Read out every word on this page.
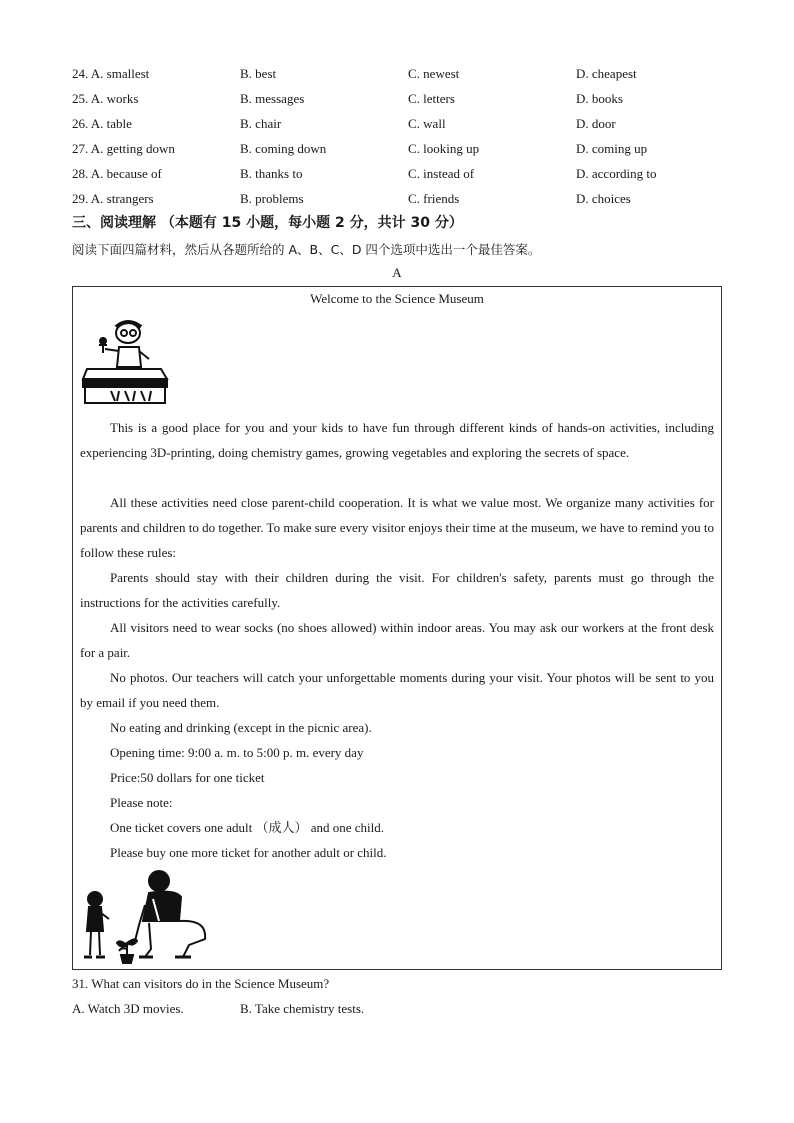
24. A. smallest	B. best	C. newest	D. cheapest
25. A. works	B. messages	C. letters	D. books
26. A. table	B. chair	C. wall	D. door
27. A. getting down	B. coming down	C. looking up	D. coming up
28. A. because of	B. thanks to	C. instead of	D. according to
29. A. strangers	B. problems	C. friends	D. choices
三、阅读理解 （本题有 15 小题，每小题 2 分，共计 30 分）
阅读下面四篇材料，然后从各题所给的 A、B、C、D 四个选项中选出一个最佳答案。
A
Welcome to the Science Museum
This is a good place for you and your kids to have fun through different kinds of hands-on activities, including experiencing 3D-printing, doing chemistry games, growing vegetables and exploring the secrets of space.
All these activities need close parent-child cooperation. It is what we value most. We organize many activities for parents and children to do together. To make sure every visitor enjoys their time at the museum, we have to remind you to follow these rules:
Parents should stay with their children during the visit. For children's safety, parents must go through the instructions for the activities carefully.
All visitors need to wear socks (no shoes allowed) within indoor areas. You may ask our workers at the front desk for a pair.
No photos. Our teachers will catch your unforgettable moments during your visit. Your photos will be sent to you by email if you need them.
No eating and drinking (except in the picnic area).
Opening time: 9:00 a. m. to 5:00 p. m. every day
Price:50 dollars for one ticket
Please note:
One ticket covers one adult （成人） and one child.
Please buy one more ticket for another adult or child.
31. What can visitors do in the Science Museum?
A. Watch 3D movies.	B. Take chemistry tests.
